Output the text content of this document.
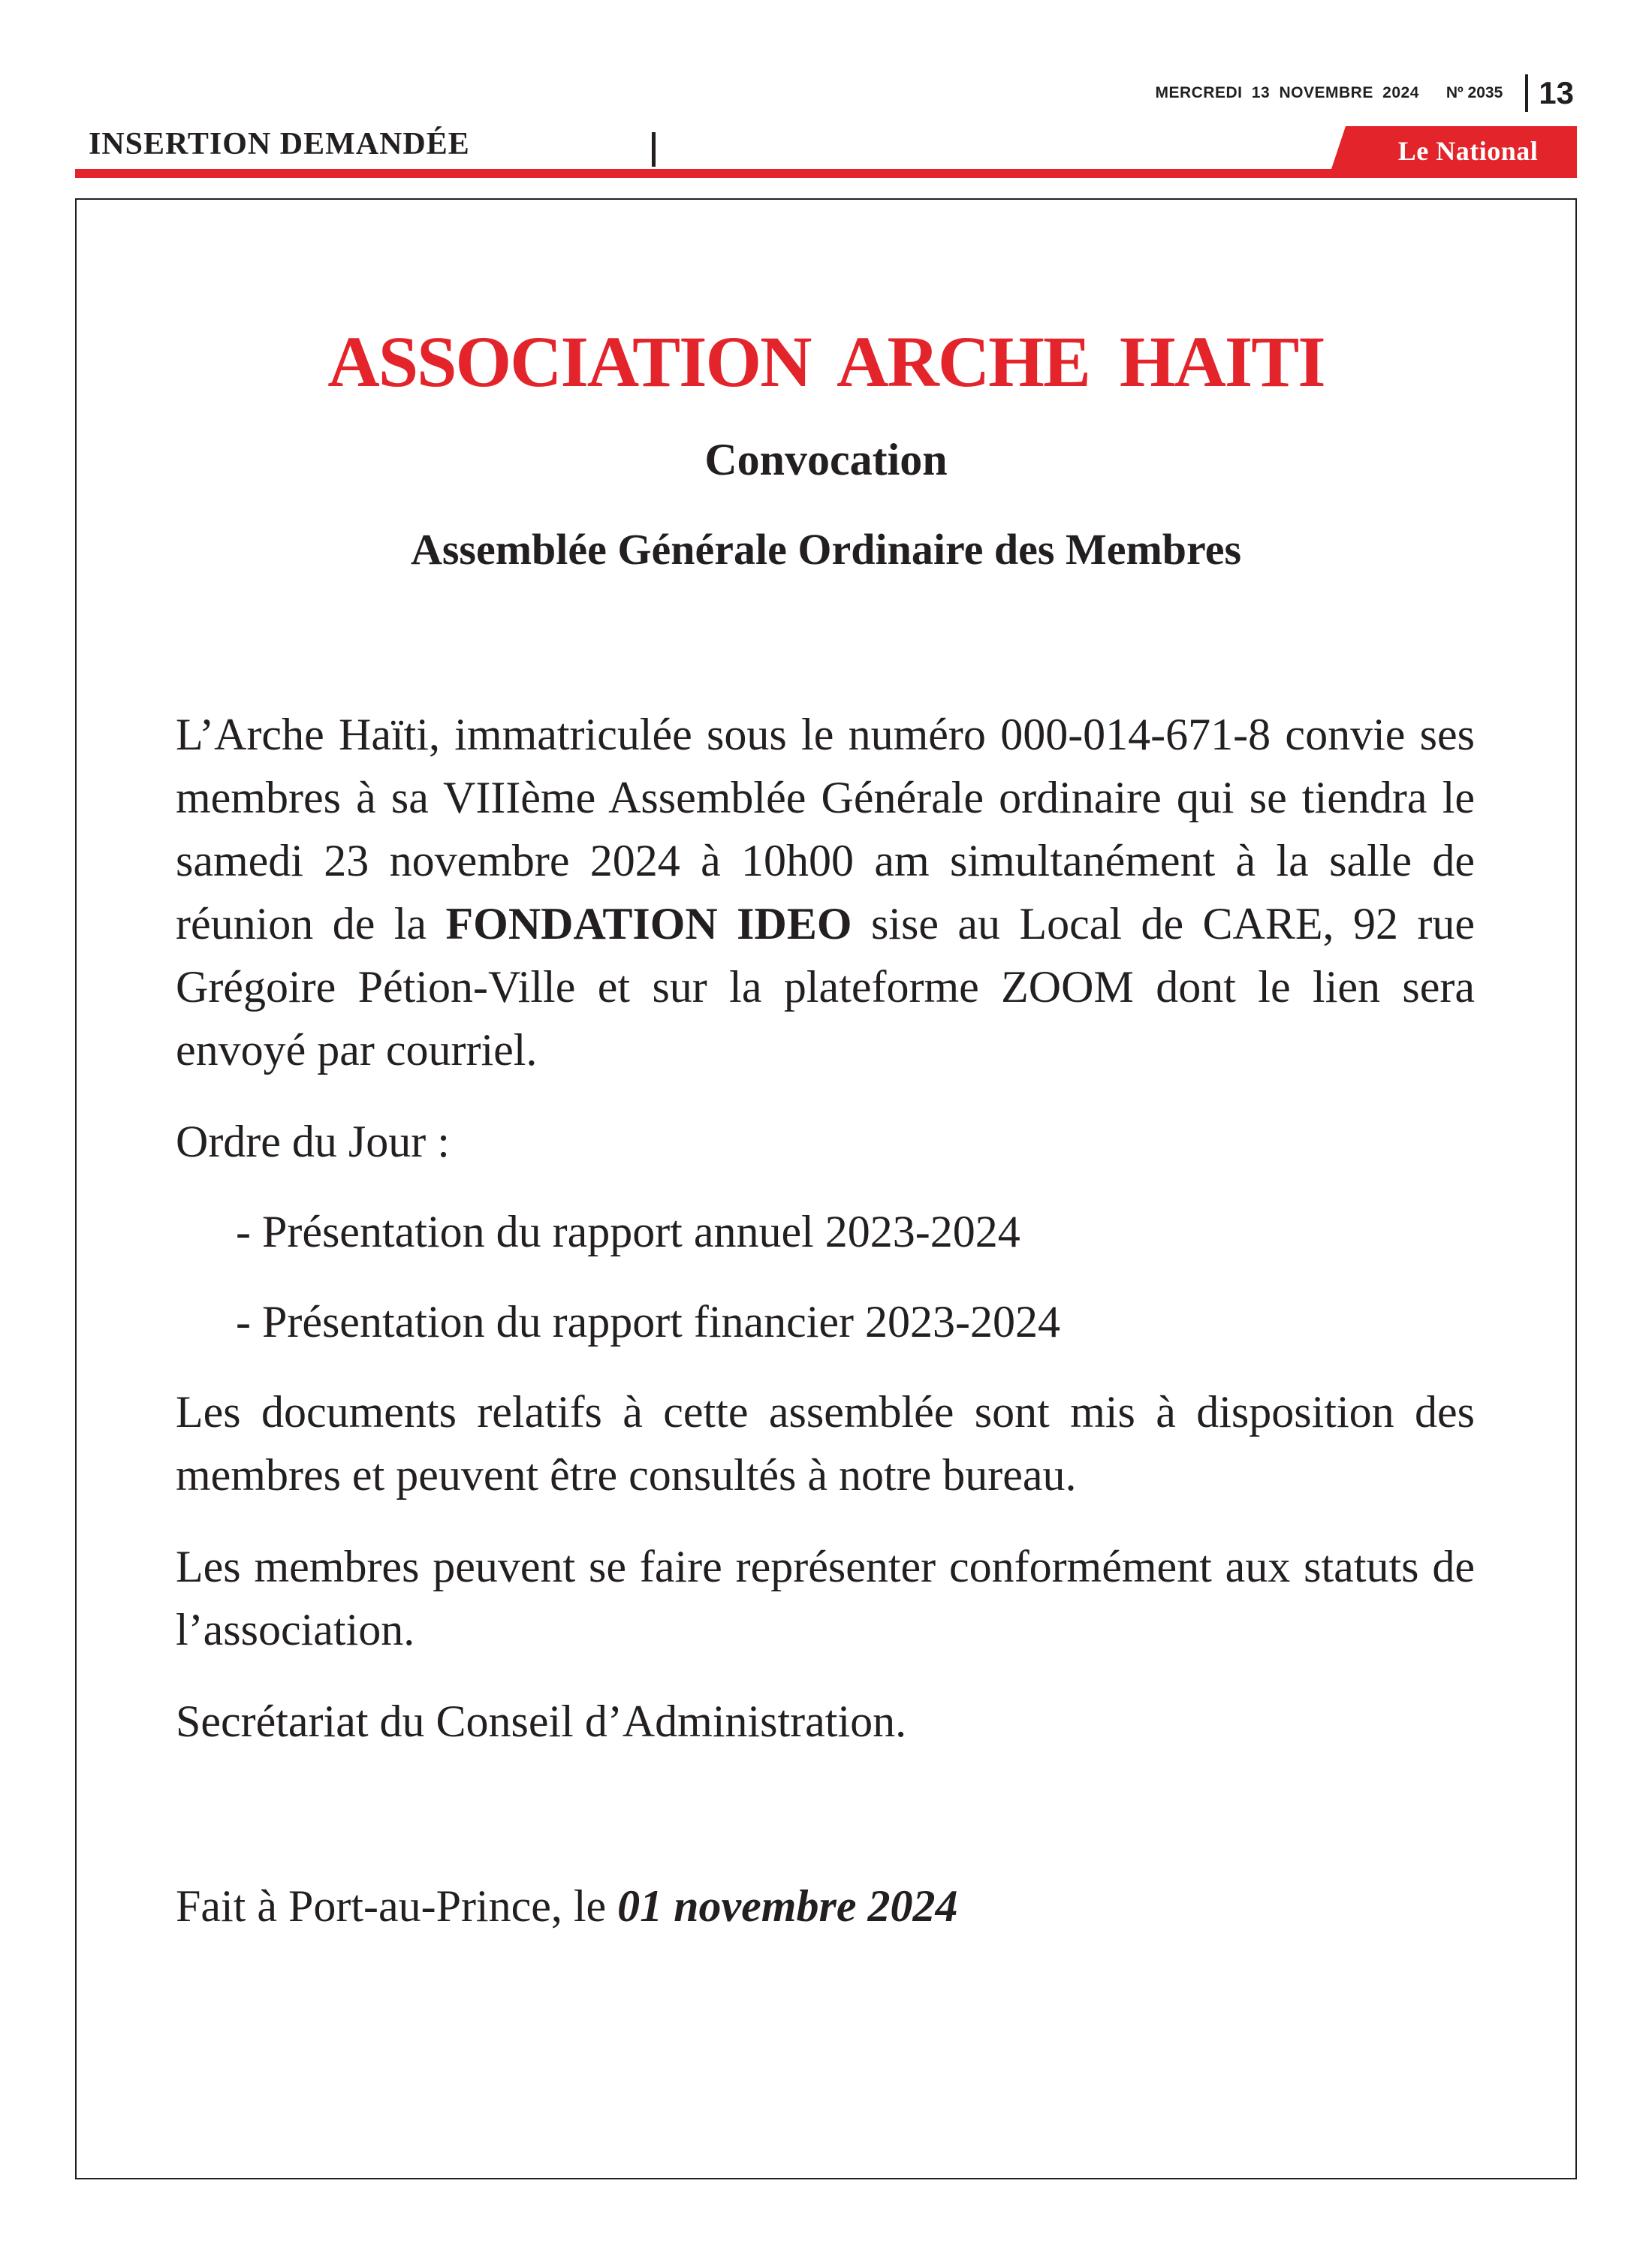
MERCREDI 13 NOVEMBRE 2024 Nº 2035 13
INSERTION DEMANDÉE	Le National
ASSOCIATION ARCHE HAITI
Convocation
Assemblée Générale Ordinaire des Membres
L’Arche Haïti, immatriculée sous le numéro 000-014-671-8 convie ses membres à sa VIIIème Assemblée Générale ordinaire qui se tiendra le samedi 23 novembre 2024 à 10h00 am simultanément à la salle de réunion de la FONDATION IDEO sise au Local de CARE, 92 rue Grégoire Pétion-Ville et sur la plateforme ZOOM dont le lien sera envoyé par courriel.
Ordre du Jour :
- Présentation du rapport annuel 2023-2024
- Présentation du rapport financier 2023-2024
Les documents relatifs à cette assemblée sont mis à disposition des membres et peuvent être consultés à notre bureau.
Les membres peuvent se faire représenter conformément aux statuts de l’association.
Secrétariat du Conseil d’Administration.
Fait à Port-au-Prince, le 01 novembre 2024
